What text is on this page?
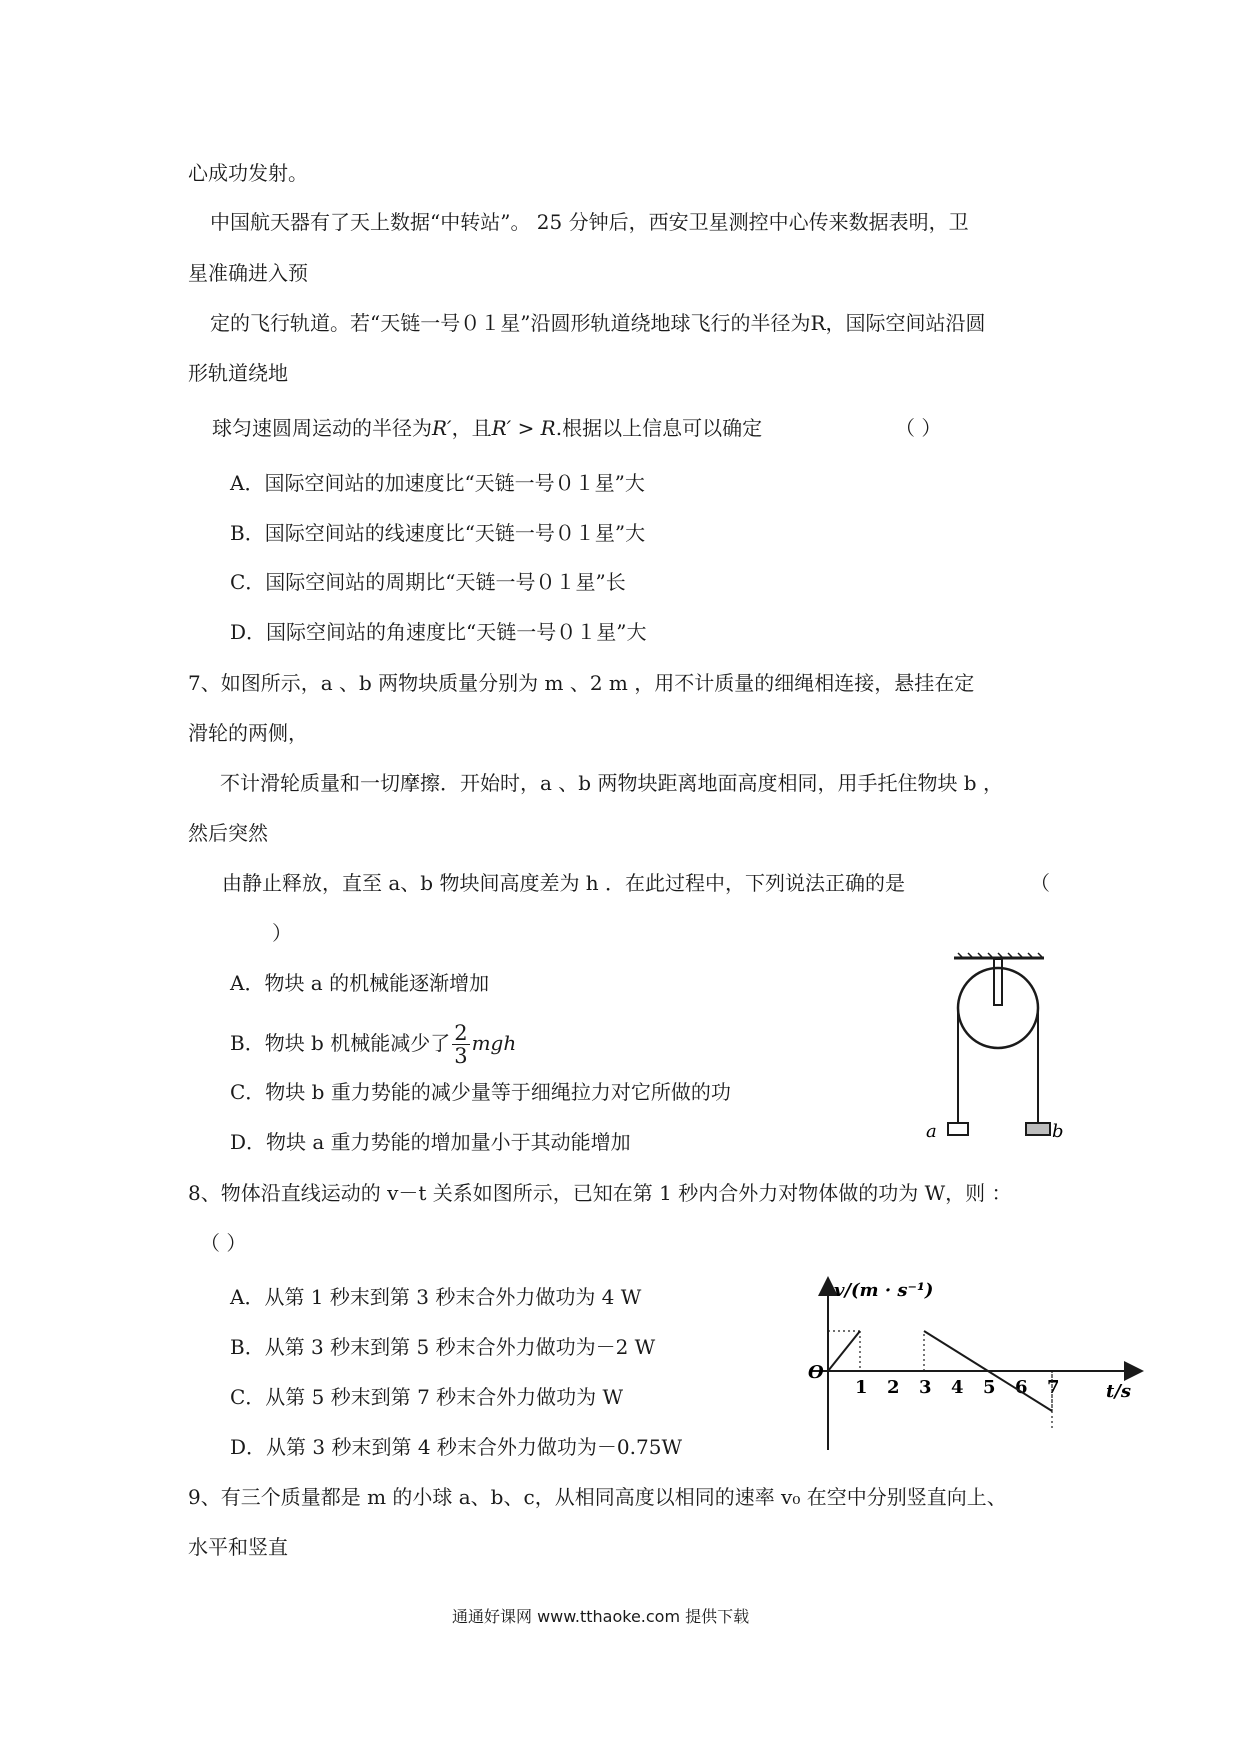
心成功发射。
中国航天器有了天上数据“中转站”。 25 分钟后，西安卫星测控中心传来数据表明，卫
星准确进入预
定的飞行轨道。若“天链一号０１星”沿圆形轨道绕地球飞行的半径为R，国际空间站沿圆
形轨道绕地
球匀速圆周运动的半径为R′，且R′ > R.根据以上信息可以确定	（ ）
A．国际空间站的加速度比“天链一号０１星”大
B．国际空间站的线速度比“天链一号０１星”大
C．国际空间站的周期比“天链一号０１星”长
D．国际空间站的角速度比“天链一号０１星”大
7、如图所示，a 、b 两物块质量分别为 m 、2 m ，用不计质量的细绳相连接，悬挂在定
滑轮的两侧，
不计滑轮质量和一切摩擦．开始时，a 、b 两物块距离地面高度相同，用手托住物块 b ，
然后突然
由静止释放，直至 a、b 物块间高度差为 h ．在此过程中，下列说法正确的是	（
）
A．物块 a 的机械能逐渐增加
B．物块 b 机械能减少了 $\frac{2}{3}$ mgh
C．物块 b 重力势能的减少量等于细绳拉力对它所做的功
D．物块 a 重力势能的增加量小于其动能增加	a	b
8、物体沿直线运动的 v－t 关系如图所示，已知在第 1 秒内合外力对物体做的功为 W，则 ：
（ ）
A．从第 1 秒末到第 3 秒末合外力做功为 4 W
B．从第 3 秒末到第 5 秒末合外力做功为－2 W
C．从第 5 秒末到第 7 秒末合外力做功为 W
D．从第 3 秒末到第 4 秒末合外力做功为－0.75W
v/(m · s⁻¹)
t/s
O
1 2 3 4 5 6 7
9、有三个质量都是 m 的小球 a、b、c，从相同高度以相同的速率 v₀ 在空中分别竖直向上、
水平和竖直
通通好课网 www.tthaoke.com 提供下载
